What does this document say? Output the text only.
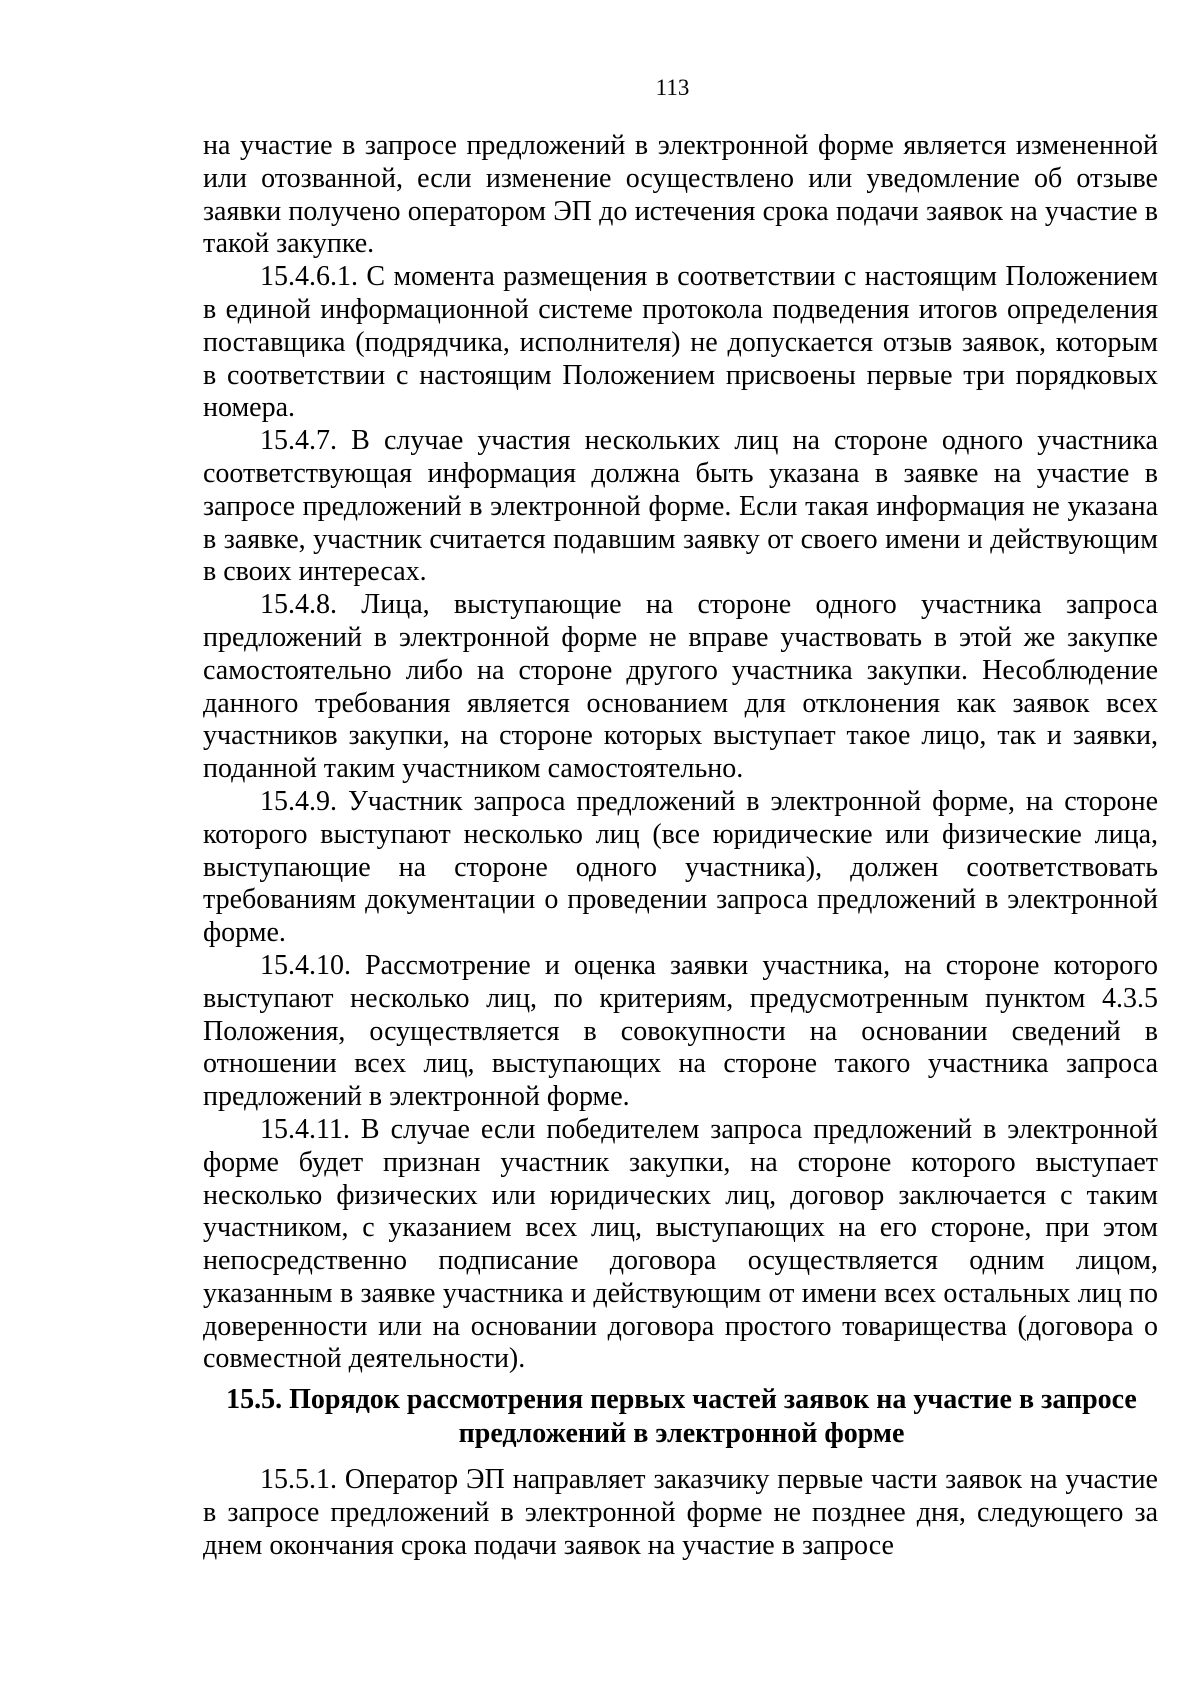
113

на участие в запросе предложений в электронной форме является измененной или отозванной, если изменение осуществлено или уведомление об отзыве заявки получено оператором ЭП до истечения срока подачи заявок на участие в такой закупке.

15.4.6.1. С момента размещения в соответствии с настоящим Положением в единой информационной системе протокола подведения итогов определения поставщика (подрядчика, исполнителя) не допускается отзыв заявок, которым в соответствии с настоящим Положением присвоены первые три порядковых номера.

15.4.7. В случае участия нескольких лиц на стороне одного участника соответствующая информация должна быть указана в заявке на участие в запросе предложений в электронной форме. Если такая информация не указана в заявке, участник считается подавшим заявку от своего имени и действующим в своих интересах.

15.4.8. Лица, выступающие на стороне одного участника запроса предложений в электронной форме не вправе участвовать в этой же закупке самостоятельно либо на стороне другого участника закупки. Несоблюдение данного требования является основанием для отклонения как заявок всех участников закупки, на стороне которых выступает такое лицо, так и заявки, поданной таким участником самостоятельно.

15.4.9. Участник запроса предложений в электронной форме, на стороне которого выступают несколько лиц (все юридические или физические лица, выступающие на стороне одного участника), должен соответствовать требованиям документации о проведении запроса предложений в электронной форме.

15.4.10. Рассмотрение и оценка заявки участника, на стороне которого выступают несколько лиц, по критериям, предусмотренным пунктом 4.3.5 Положения, осуществляется в совокупности на основании сведений в отношении всех лиц, выступающих на стороне такого участника запроса предложений в электронной форме.

15.4.11. В случае если победителем запроса предложений в электронной форме будет признан участник закупки, на стороне которого выступает несколько физических или юридических лиц, договор заключается с таким участником, с указанием всех лиц, выступающих на его стороне, при этом непосредственно подписание договора осуществляется одним лицом, указанным в заявке участника и действующим от имени всех остальных лиц по доверенности или на основании договора простого товарищества (договора о совместной деятельности).

15.5. Порядок рассмотрения первых частей заявок на участие в запросе предложений в электронной форме

15.5.1. Оператор ЭП направляет заказчику первые части заявок на участие в запросе предложений в электронной форме не позднее дня, следующего за днем окончания срока подачи заявок на участие в запросе
